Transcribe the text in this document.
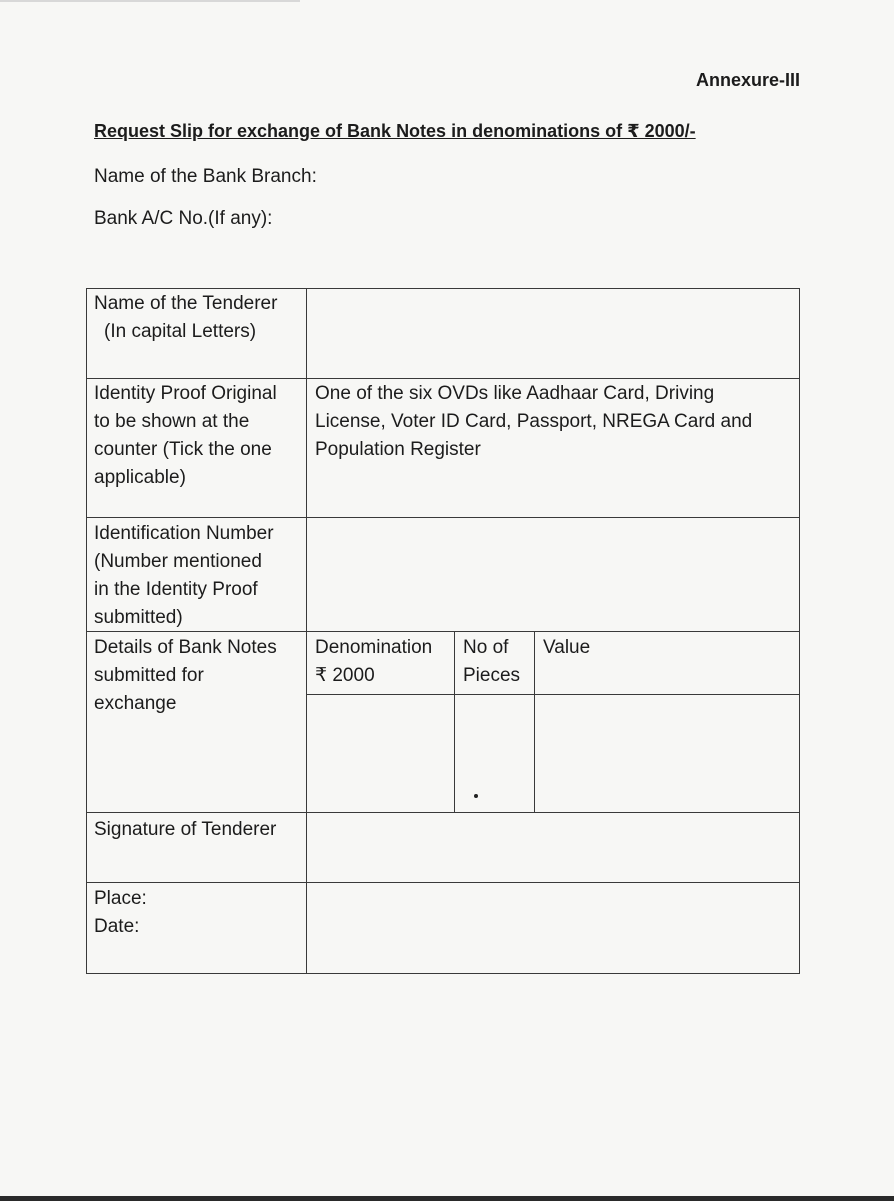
Annexure-III
Request Slip for exchange of Bank Notes in denominations of ₹ 2000/-
Name of the Bank Branch:
Bank A/C No.(If any):
Name of the Tenderer
(In capital Letters)
Identity Proof Original
to be shown at the
counter (Tick the one
applicable)
One of the six OVDs like Aadhaar Card, Driving
License, Voter ID Card, Passport, NREGA Card and
Population Register
Identification Number
(Number mentioned
in the Identity Proof
submitted)
Details of Bank Notes
submitted for
exchange
Denomination
₹ 2000
No of
Pieces
Value
Signature of Tenderer
Place:
Date:
